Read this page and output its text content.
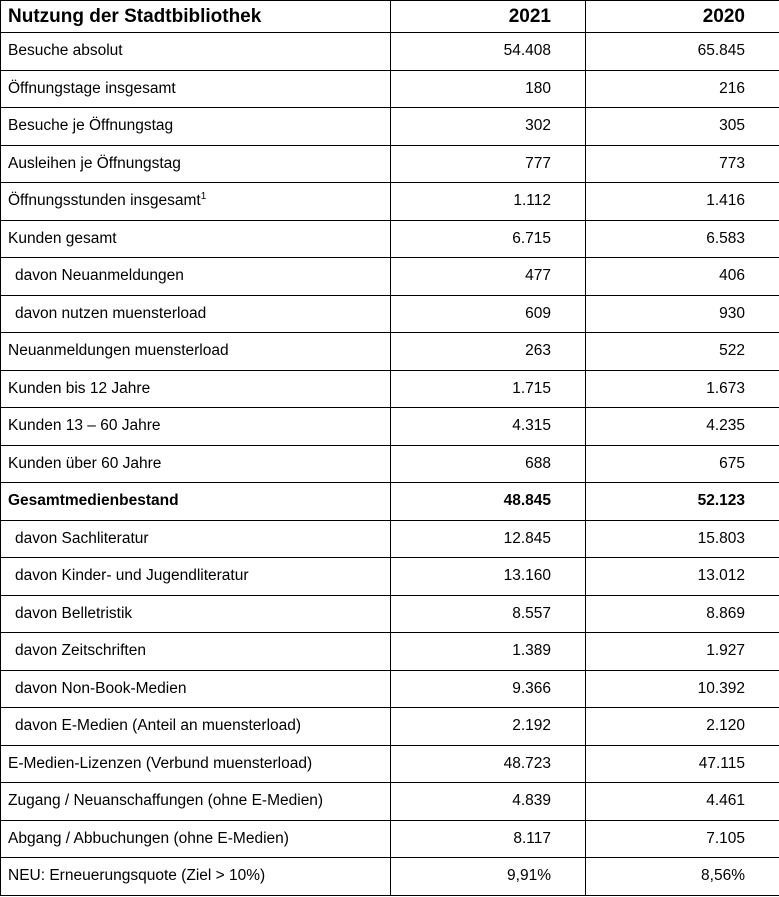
Nutzung der Stadtbibliothek	2021	2020
Besuche absolut	54.408	65.845
Öffnungstage insgesamt	180	216
Besuche je Öffnungstag	302	305
Ausleihen je Öffnungstag	777	773
Öffnungsstunden insgesamt$^1$	1.112	1.416
Kunden gesamt	6.715	6.583
davon Neuanmeldungen	477	406
davon nutzen muensterload	609	930
Neuanmeldungen muensterload	263	522
Kunden bis 12 Jahre	1.715	1.673
Kunden 13 – 60 Jahre	4.315	4.235
Kunden über 60 Jahre	688	675
Gesamtmedienbestand	48.845	52.123
davon Sachliteratur	12.845	15.803
davon Kinder- und Jugendliteratur	13.160	13.012
davon Belletristik	8.557	8.869
davon Zeitschriften	1.389	1.927
davon Non-Book-Medien	9.366	10.392
davon E-Medien (Anteil an muensterload)	2.192	2.120
E-Medien-Lizenzen (Verbund muensterload)	48.723	47.115
Zugang / Neuanschaffungen (ohne E-Medien)	4.839	4.461
Abgang / Abbuchungen (ohne E-Medien)	8.117	7.105
NEU: Erneuerungsquote (Ziel > 10%)	9,91%	8,56%
